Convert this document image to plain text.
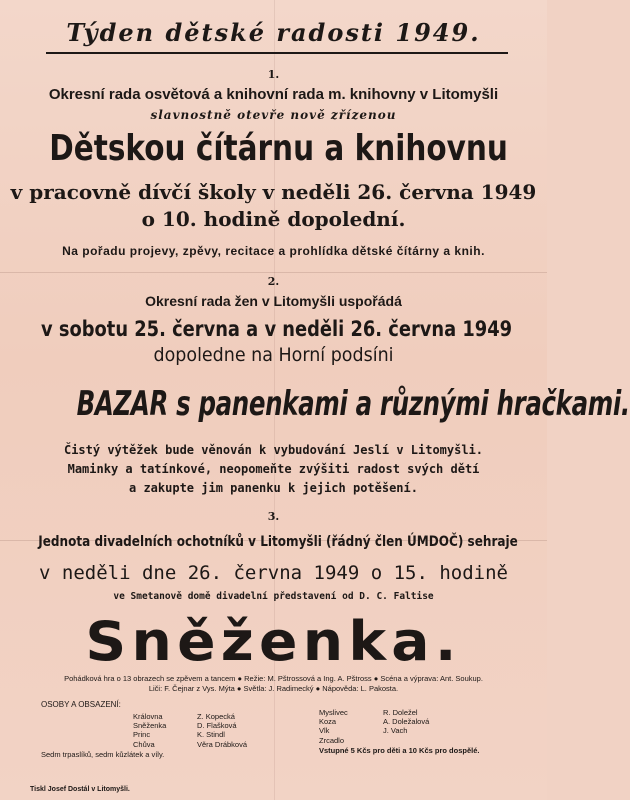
Týden dětské radosti 1949.
1.
Okresní rada osvětová a knihovní rada m. knihovny v Litomyšli
slavnostně otevře nově zřízenou
Dětskou čítárnu a knihovnu
v pracovně dívčí školy v neděli 26. června 1949
o 10. hodině dopolední.
Na pořadu projevy, zpěvy, recitace a prohlídka dětské čítárny a knih.
2.
Okresní rada žen v Litomyšli uspořádá
v sobotu 25. června a v neděli 26. června 1949
dopoledne na Horní podsíni
BAZAR s panenkami a různými hračkami.
Čistý výtěžek bude věnován k vybudování Jeslí v Litomyšli.
Maminky a tatínkové, neopomeňte zvýšiti radost svých dětí
a zakupte jim panenku k jejich potěšení.
3.
Jednota divadelních ochotníků v Litomyšli (řádný člen ÚMDOČ) sehraje
v neděli dne 26. června 1949 o 15. hodině
ve Smetanově domě divadelní představení od D. C. Faltise
Sněženka.
Pohádková hra o 13 obrazech se zpěvem a tancem ● Režie: M. Pštrossová a Ing. A. Pštross ● Scéna a výprava: Ant. Soukup.
Liči: F. Čejnar z Vys. Mýta ● Světla: J. Radimecký ● Nápověda: L. Pakosta.
OSOBY A OBSAZENÍ:
Královna	Z. Kopecká
Sněženka	D. Flašková
Princ	K. Stindl
Chůva	Věra Drábková
Myslivec	R. Doležel
Koza	A. Doležalová
Vlk	J. Vach
Zrcadlo
Sedm trpaslíků, sedm kůzlátek a víly.	Vstupné 5 Kčs pro děti a 10 Kčs pro dospělé.
Tiskl Josef Dostál v Litomyšli.
